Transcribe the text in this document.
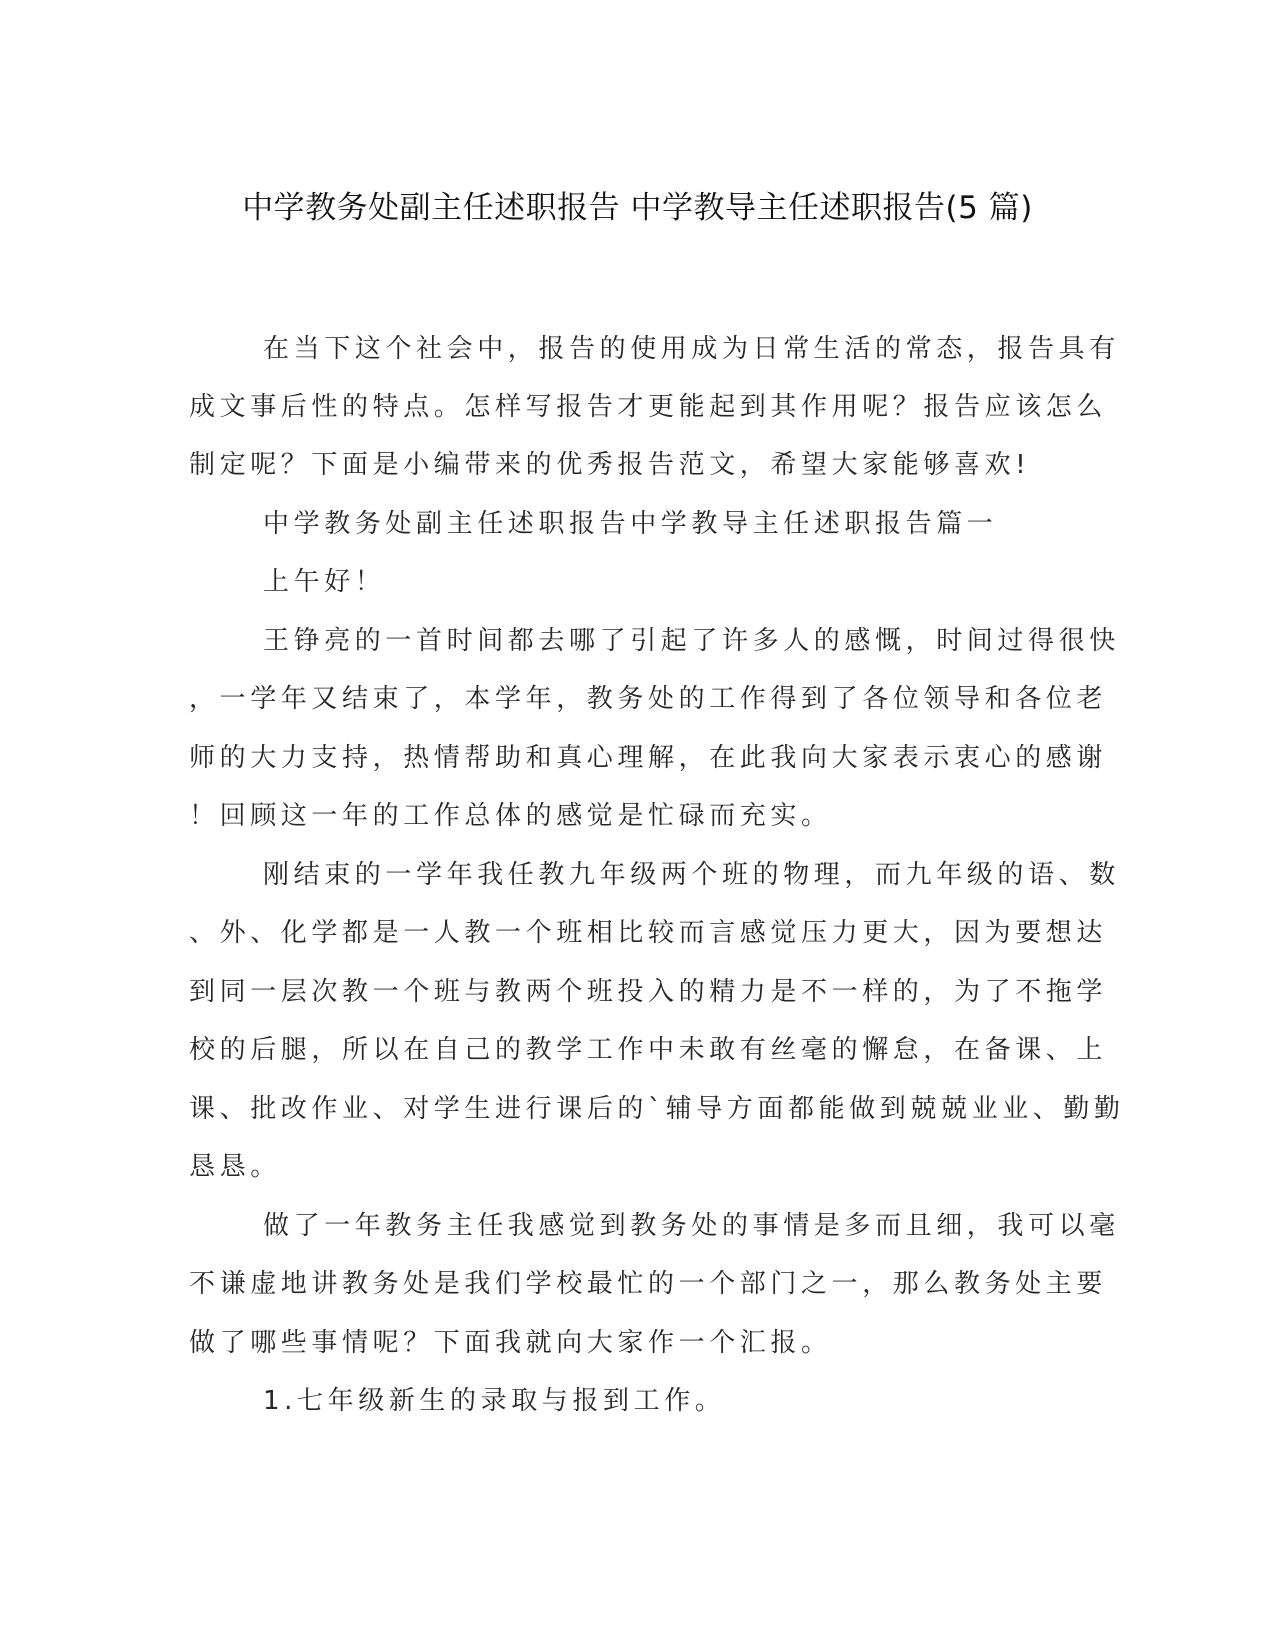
中学教务处副主任述职报告 中学教导主任述职报告(5 篇)
在当下这个社会中，报告的使用成为日常生活的常态，报告具有
成文事后性的特点。怎样写报告才更能起到其作用呢？报告应该怎么
制定呢？下面是小编带来的优秀报告范文，希望大家能够喜欢!
中学教务处副主任述职报告中学教导主任述职报告篇一
上午好！
王铮亮的一首时间都去哪了引起了许多人的感慨，时间过得很快
，一学年又结束了，本学年，教务处的工作得到了各位领导和各位老
师的大力支持，热情帮助和真心理解，在此我向大家表示衷心的感谢
！回顾这一年的工作总体的感觉是忙碌而充实。
刚结束的一学年我任教九年级两个班的物理，而九年级的语、数
、外、化学都是一人教一个班相比较而言感觉压力更大，因为要想达
到同一层次教一个班与教两个班投入的精力是不一样的，为了不拖学
校的后腿，所以在自己的教学工作中未敢有丝毫的懈怠，在备课、上
课、批改作业、对学生进行课后的`辅导方面都能做到兢兢业业、勤勤
恳恳。
做了一年教务主任我感觉到教务处的事情是多而且细，我可以毫
不谦虚地讲教务处是我们学校最忙的一个部门之一，那么教务处主要
做了哪些事情呢？下面我就向大家作一个汇报。
1.七年级新生的录取与报到工作。
